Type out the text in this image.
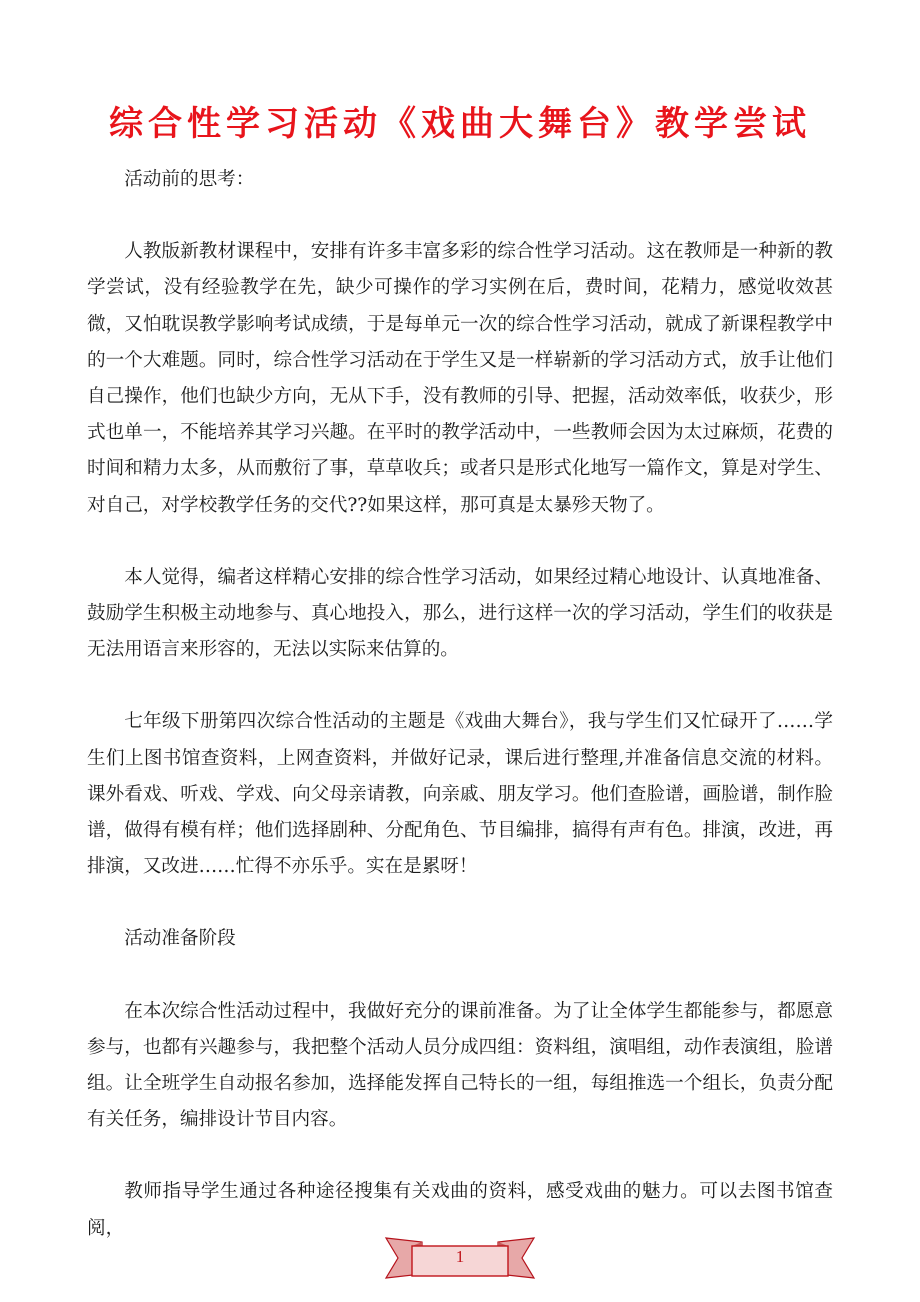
综合性学习活动《戏曲大舞台》教学尝试

活动前的思考：

人教版新教材课程中，安排有许多丰富多彩的综合性学习活动。这在教师是一种新的教学尝试，没有经验教学在先，缺少可操作的学习实例在后，费时间，花精力，感觉收效甚微，又怕耽误教学影响考试成绩，于是每单元一次的综合性学习活动，就成了新课程教学中的一个大难题。同时，综合性学习活动在于学生又是一样崭新的学习活动方式，放手让他们自己操作，他们也缺少方向，无从下手，没有教师的引导、把握，活动效率低，收获少，形式也单一，不能培养其学习兴趣。在平时的教学活动中，一些教师会因为太过麻烦，花费的时间和精力太多，从而敷衍了事，草草收兵；或者只是形式化地写一篇作文，算是对学生、对自己，对学校教学任务的交代??如果这样，那可真是太暴殄天物了。

本人觉得，编者这样精心安排的综合性学习活动，如果经过精心地设计、认真地准备、鼓励学生积极主动地参与、真心地投入，那么，进行这样一次的学习活动，学生们的收获是无法用语言来形容的，无法以实际来估算的。

七年级下册第四次综合性活动的主题是《戏曲大舞台》，我与学生们又忙碌开了……学生们上图书馆查资料，上网查资料，并做好记录，课后进行整理,并准备信息交流的材料。课外看戏、听戏、学戏、向父母亲请教，向亲戚、朋友学习。他们查脸谱，画脸谱，制作脸谱，做得有模有样；他们选择剧种、分配角色、节目编排，搞得有声有色。排演，改进，再排演，又改进……忙得不亦乐乎。实在是累呀！

活动准备阶段

在本次综合性活动过程中，我做好充分的课前准备。为了让全体学生都能参与，都愿意参与，也都有兴趣参与，我把整个活动人员分成四组：资料组，演唱组，动作表演组，脸谱组。让全班学生自动报名参加，选择能发挥自己特长的一组，每组推选一个组长，负责分配有关任务，编排设计节目内容。

教师指导学生通过各种途径搜集有关戏曲的资料，感受戏曲的魅力。可以去图书馆查阅，

1
